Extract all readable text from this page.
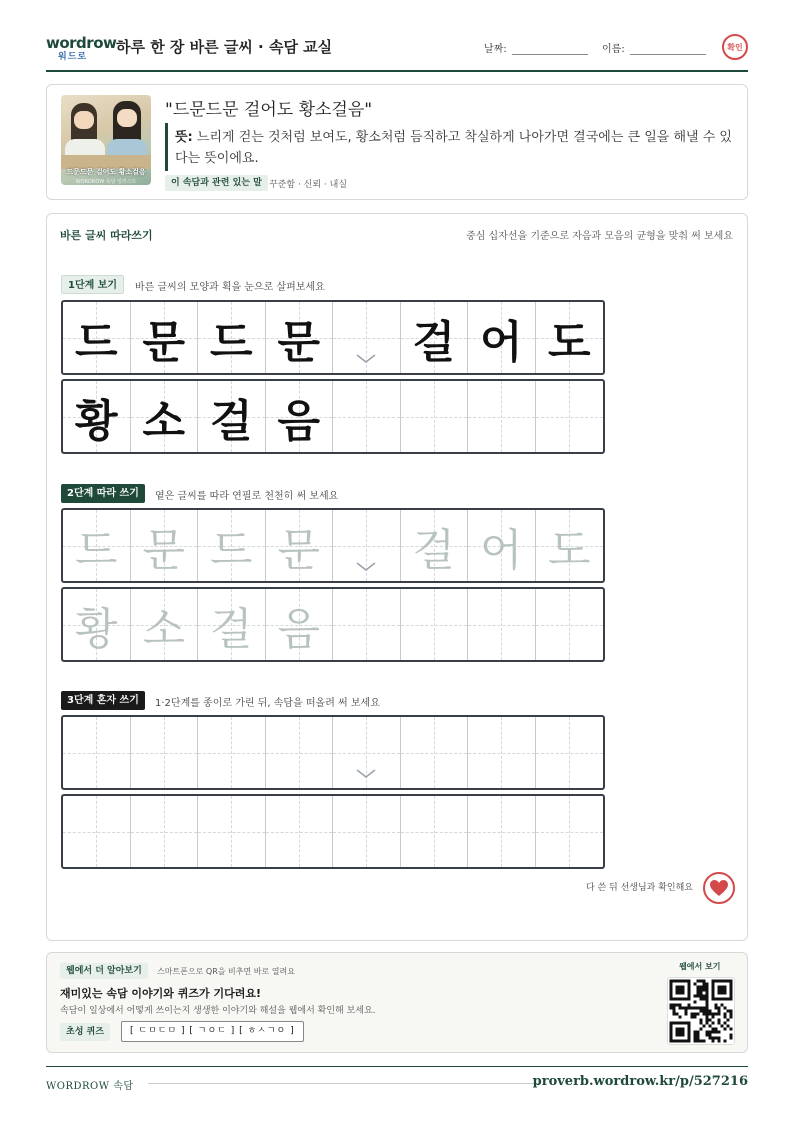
wordrow
워드로
하루 한 장 바른 글씨 · 속담 교실	날짜:	이름:	확인
드문드문 걸어도 황소걸음
WORDROW 속담 일러스트
"드문드문 걸어도 황소걸음"
뜻: 느리게 걷는 것처럼 보여도, 황소처럼 듬직하고 착실하게 나아가면 결국에는 큰 일을 해낼 수 있다는 뜻이에요.
이 속담과 관련 있는 말 꾸준함 · 신뢰 · 내실
바른 글씨 따라쓰기	중심 십자선을 기준으로 자음과 모음의 균형을 맞춰 써 보세요
1단계 보기	바른 글씨의 모양과 획을 눈으로 살펴보세요
드 문 드 문 걸 어 도
황 소 걸 음
2단계 따라 쓰기	옅은 글씨를 따라 연필로 천천히 써 보세요
드 문 드 문 걸 어 도
황 소 걸 음
3단계 혼자 쓰기	1·2단계를 종이로 가린 뒤, 속담을 떠올려 써 보세요
다 쓴 뒤 선생님과 확인해요
웹에서 더 알아보기	스마트폰으로 QR을 비추면 바로 열려요
재미있는 속담 이야기와 퀴즈가 기다려요!
속담이 일상에서 어떻게 쓰이는지 생생한 이야기와 해설을 웹에서 확인해 보세요.
초성 퀴즈	[ ㄷㅁㄷㅁ ] [ ㄱㅇㄷ ] [ ㅎㅅㄱㅇ ]
웹에서 보기
WORDROW 속담	proverb.wordrow.kr/p/527216
